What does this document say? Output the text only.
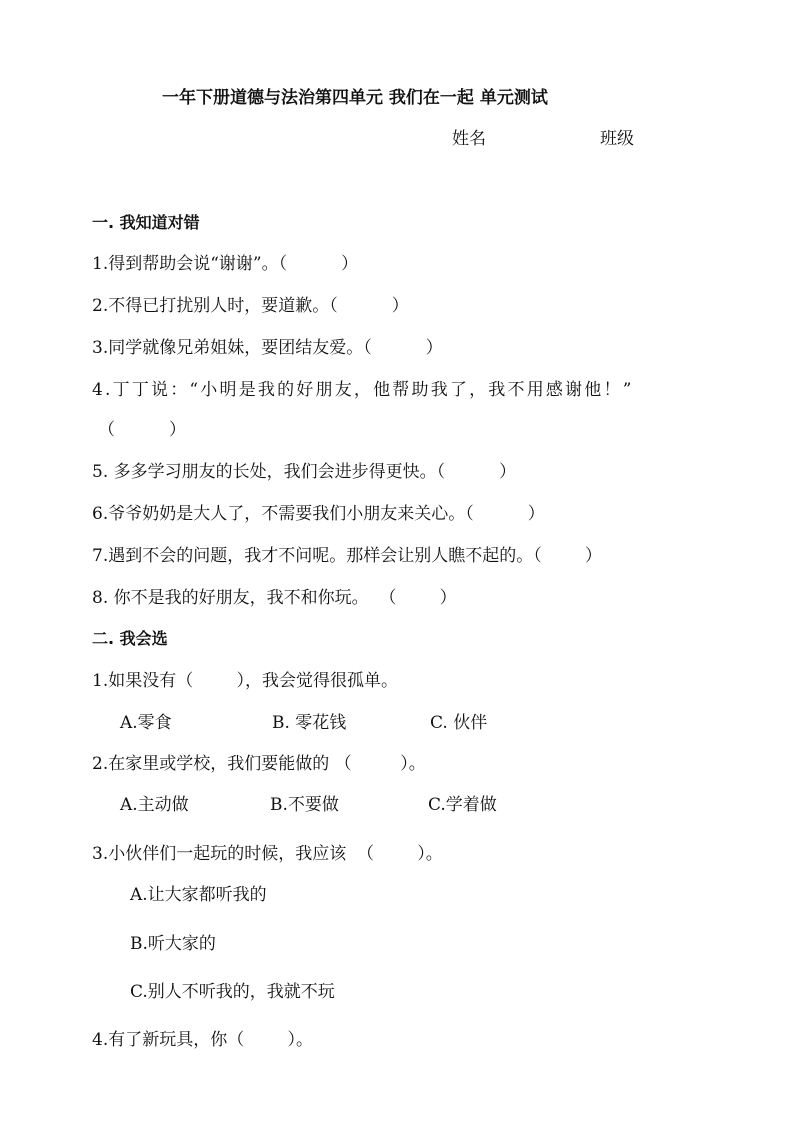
一年下册道德与法治第四单元 我们在一起 单元测试
姓名	班级
一. 我知道对错
1.得到帮助会说“谢谢”。（          ）
2.不得已打扰别人时，要道歉。（          ）
3.同学就像兄弟姐妹，要团结友爱。（          ）
4.丁丁说：“小明是我的好朋友，他帮助我了，我不用感谢他！”
（          ）
5. 多多学习朋友的长处，我们会进步得更快。（          ）
6.爷爷奶奶是大人了，不需要我们小朋友来关心。（          ）
7.遇到不会的问题，我才不问呢。那样会让别人瞧不起的。（        ）
8. 你不是我的好朋友，我不和你玩。  （        ）
二. 我会选
1.如果没有（        ），我会觉得很孤单。
A.零食	B. 零花钱	C. 伙伴
2.在家里或学校，我们要能做的 （         ）。
A.主动做	B.不要做	C.学着做
3.小伙伴们一起玩的时候，我应该  （        ）。
A.让大家都听我的
B.听大家的
C.别人不听我的，我就不玩
4.有了新玩具，你（        ）。
